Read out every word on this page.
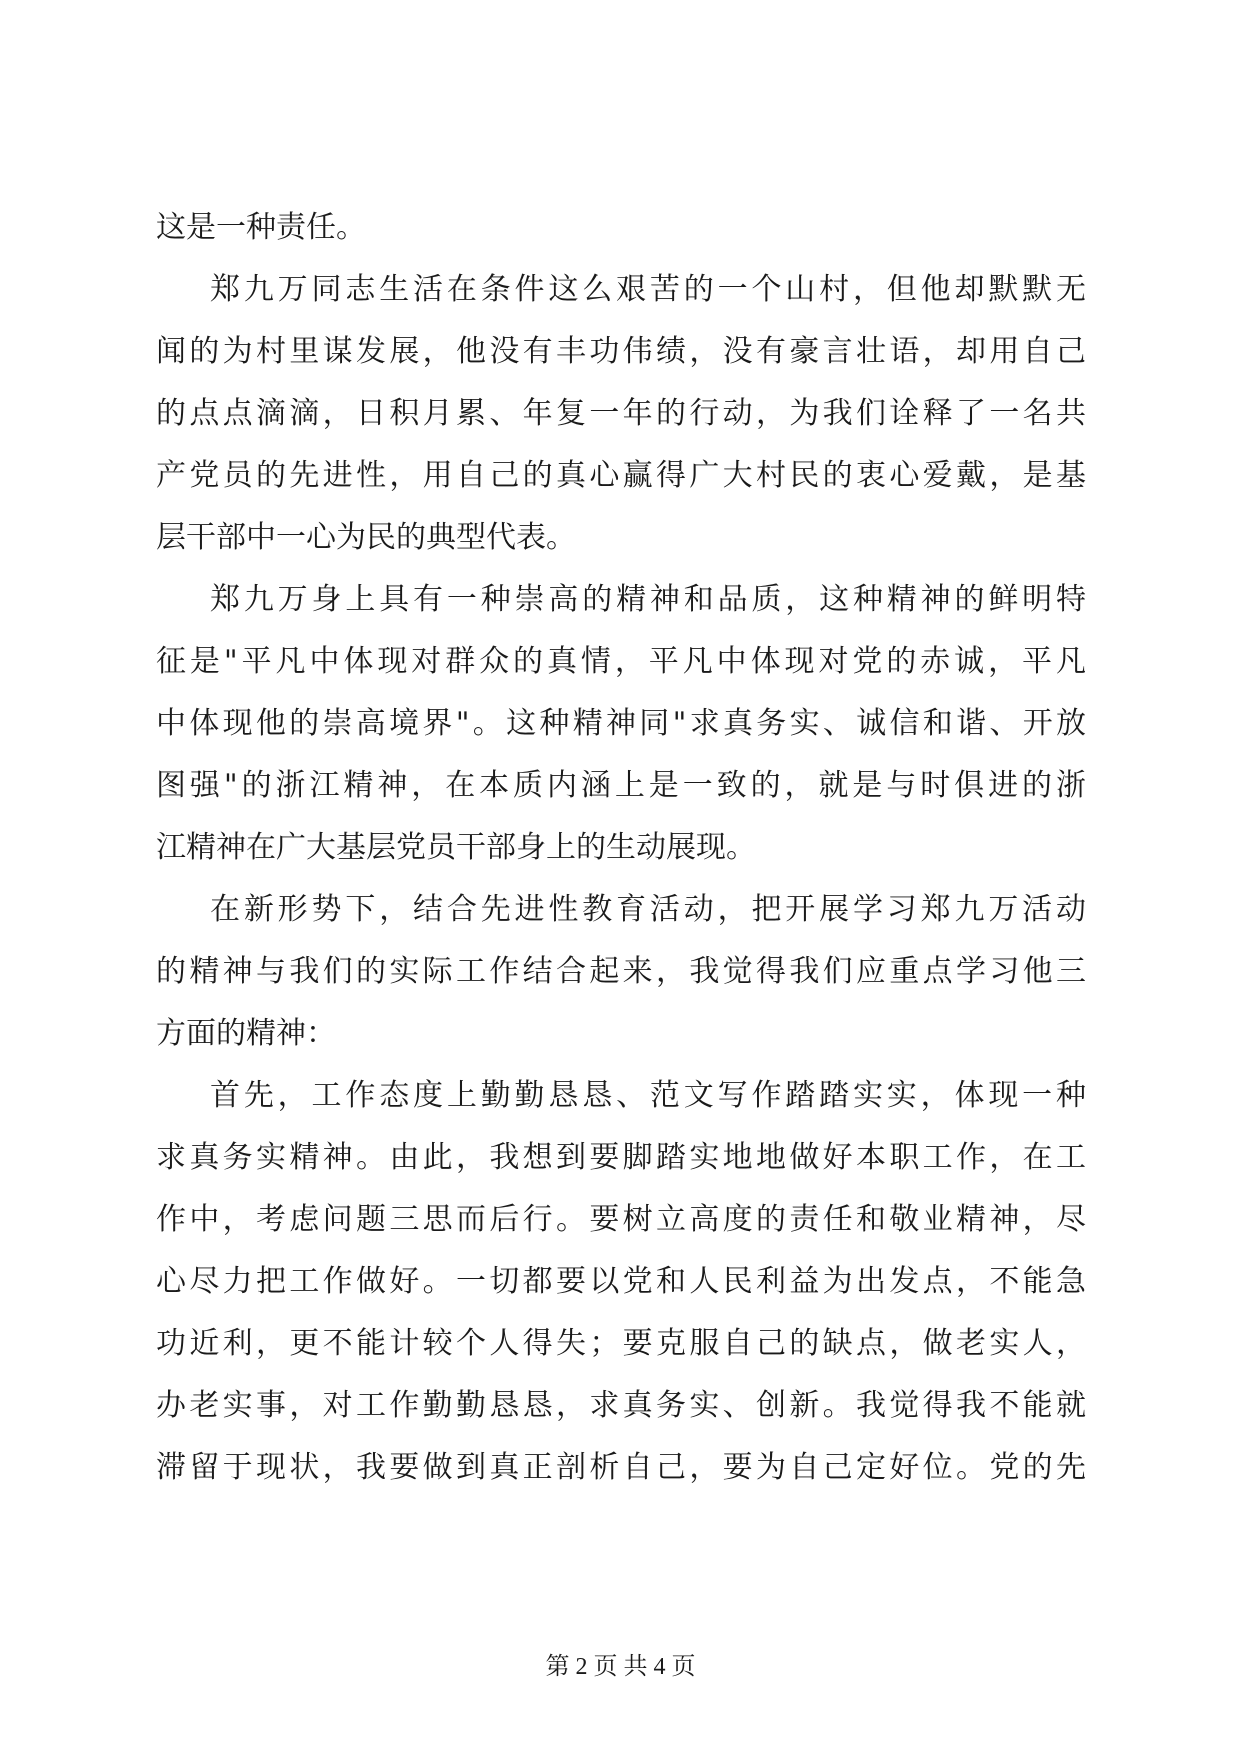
这是一种责任。
郑九万同志生活在条件这么艰苦的一个山村，但他却默默无
闻的为村里谋发展，他没有丰功伟绩，没有豪言壮语，却用自己
的点点滴滴，日积月累、年复一年的行动，为我们诠释了一名共
产党员的先进性，用自己的真心赢得广大村民的衷心爱戴，是基
层干部中一心为民的典型代表。
郑九万身上具有一种崇高的精神和品质，这种精神的鲜明特
征是"平凡中体现对群众的真情，平凡中体现对党的赤诚，平凡
中体现他的崇高境界"。这种精神同"求真务实、诚信和谐、开放
图强"的浙江精神，在本质内涵上是一致的，就是与时俱进的浙
江精神在广大基层党员干部身上的生动展现。
在新形势下，结合先进性教育活动，把开展学习郑九万活动
的精神与我们的实际工作结合起来，我觉得我们应重点学习他三
方面的精神：
首先，工作态度上勤勤恳恳、范文写作踏踏实实，体现一种
求真务实精神。由此，我想到要脚踏实地地做好本职工作，在工
作中，考虑问题三思而后行。要树立高度的责任和敬业精神，尽
心尽力把工作做好。一切都要以党和人民利益为出发点，不能急
功近利，更不能计较个人得失；要克服自己的缺点，做老实人，
办老实事，对工作勤勤恳恳，求真务实、创新。我觉得我不能就
滞留于现状，我要做到真正剖析自己，要为自己定好位。党的先
第 2 页 共 4 页
